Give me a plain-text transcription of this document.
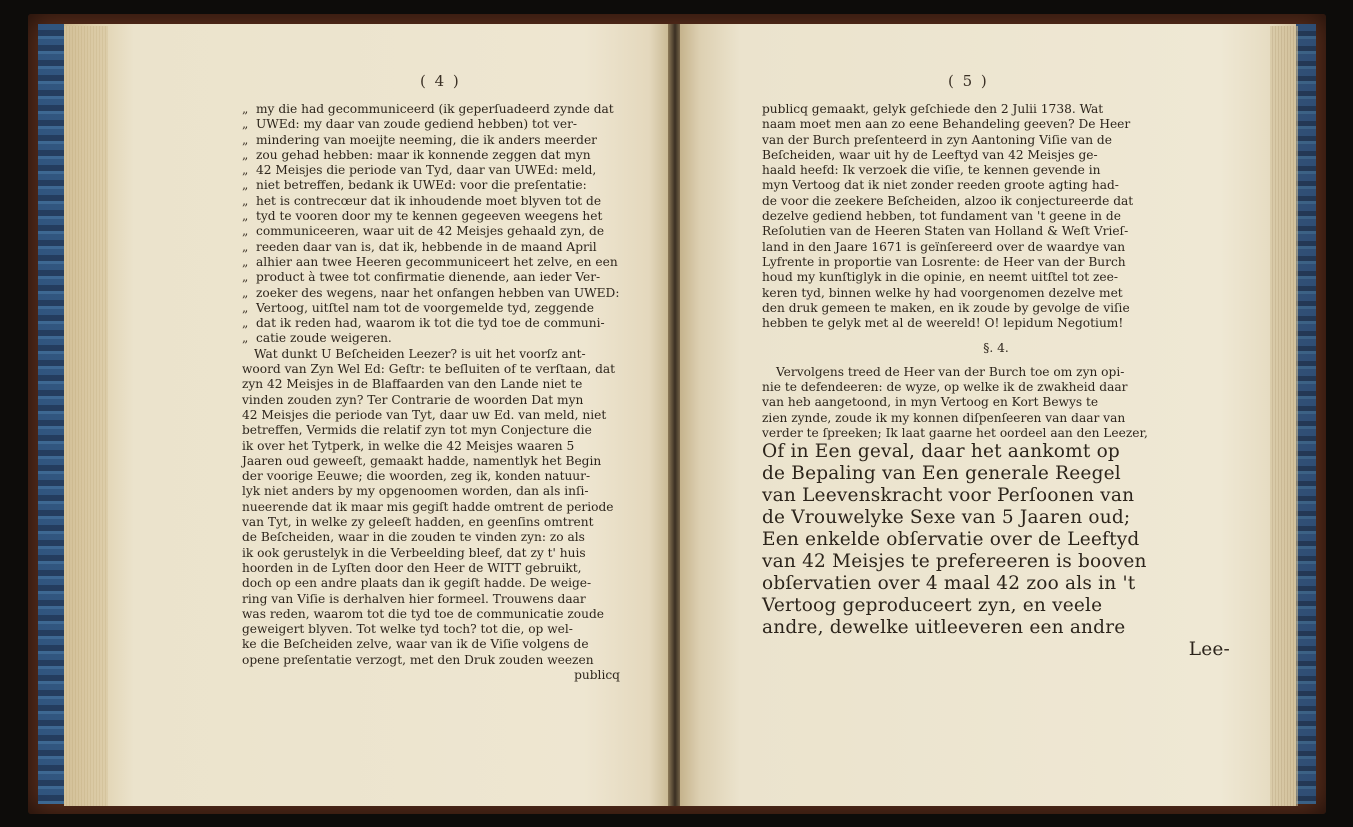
( 4 )
„ my die had gecommuniceerd (ik geperſuadeerd zynde dat
„ UWEd: my daar van zoude gediend hebben) tot ver-
„ mindering van moeijte neeming, die ik anders meerder
„ zou gehad hebben: maar ik konnende zeggen dat myn
„ 42 Meisjes die periode van Tyd, daar van UWEd: meld,
„ niet betreffen, bedank ik UWEd: voor die preſentatie:
„ het is contrecœur dat ik inhoudende moet blyven tot de
„ tyd te vooren door my te kennen gegeeven weegens het
„ communiceeren, waar uit de 42 Meisjes gehaald zyn, de
„ reeden daar van is, dat ik, hebbende in de maand April
„ alhier aan twee Heeren gecommuniceert het zelve, en een
„ product à twee tot confirmatie dienende, aan ieder Ver-
„ zoeker des wegens, naar het onfangen hebben van UWED:
„ Vertoog, uitſtel nam tot de voorgemelde tyd, zeggende
„ dat ik reden had, waarom ik tot die tyd toe de communi-
„ catie zoude weigeren.
Wat dunkt U Beſcheiden Leezer? is uit het voorſz ant-
woord van Zyn Wel Ed: Geſtr: te beſluiten of te verſtaan, dat
zyn 42 Meisjes in de Blaffaarden van den Lande niet te
vinden zouden zyn? Ter Contrarie de woorden Dat myn
42 Meisjes die periode van Tyt, daar uw Ed. van meld, niet
betreffen, Vermids die relatif zyn tot myn Conjecture die
ik over het Tytperk, in welke die 42 Meisjes waaren 5
Jaaren oud geweeſt, gemaakt hadde, namentlyk het Begin
der voorige Eeuwe; die woorden, zeg ik, konden natuur-
lyk niet anders by my opgenoomen worden, dan als inſi-
nueerende dat ik maar mis gegiſt hadde omtrent de periode
van Tyt, in welke zy geleeſt hadden, en geenſins omtrent
de Beſcheiden, waar in die zouden te vinden zyn: zo als
ik ook gerustelyk in die Verbeelding bleef, dat zy t' huis
hoorden in de Lyſten door den Heer de WITT gebruikt,
doch op een andre plaats dan ik gegiſt hadde. De weige-
ring van Viſie is derhalven hier formeel. Trouwens daar
was reden, waarom tot die tyd toe de communicatie zoude
geweigert blyven. Tot welke tyd toch? tot die, op wel-
ke die Beſcheiden zelve, waar van ik de Viſie volgens de
opene preſentatie verzogt, met den Druk zouden weezen
publicq
( 5 )
publicq gemaakt, gelyk geſchiede den 2 Julii 1738. Wat
naam moet men aan zo eene Behandeling geeven? De Heer
van der Burch preſenteerd in zyn Aantoning Viſie van de
Beſcheiden, waar uit hy de Leeftyd van 42 Meisjes ge-
haald heefd: Ik verzoek die viſie, te kennen gevende in
myn Vertoog dat ik niet zonder reeden groote agting had-
de voor die zeekere Beſcheiden, alzoo ik conjectureerde dat
dezelve gediend hebben, tot fundament van 't geene in de
Reſolutien van de Heeren Staten van Holland & Weſt Vrieſ-
land in den Jaare 1671 is geïnſereerd over de waardye van
Lyfrente in proportie van Losrente: de Heer van der Burch
houd my kunſtiglyk in die opinie, en neemt uitſtel tot zee-
keren tyd, binnen welke hy had voorgenomen dezelve met
den druk gemeen te maken, en ik zoude by gevolge de viſie
hebben te gelyk met al de weereld! O! lepidum Negotium!
§. 4.
Vervolgens treed de Heer van der Burch toe om zyn opi-
nie te defendeeren: de wyze, op welke ik de zwakheid daar
van heb aangetoond, in myn Vertoog en Kort Bewys te
zien zynde, zoude ik my konnen diſpenſeeren van daar van
verder te ſpreeken; Ik laat gaarne het oordeel aan den Leezer,
Of in Een geval, daar het aankomt op
de Bepaling van Een generale Reegel
van Leevenskracht voor Perſoonen van
de Vrouwelyke Sexe van 5 Jaaren oud;
Een enkelde obſervatie over de Leeftyd
van 42 Meisjes te prefereeren is booven
obſervatien over 4 maal 42 zoo als in 't
Vertoog geproduceert zyn, en veele
andre, dewelke uitleeveren een andre
Lee-
